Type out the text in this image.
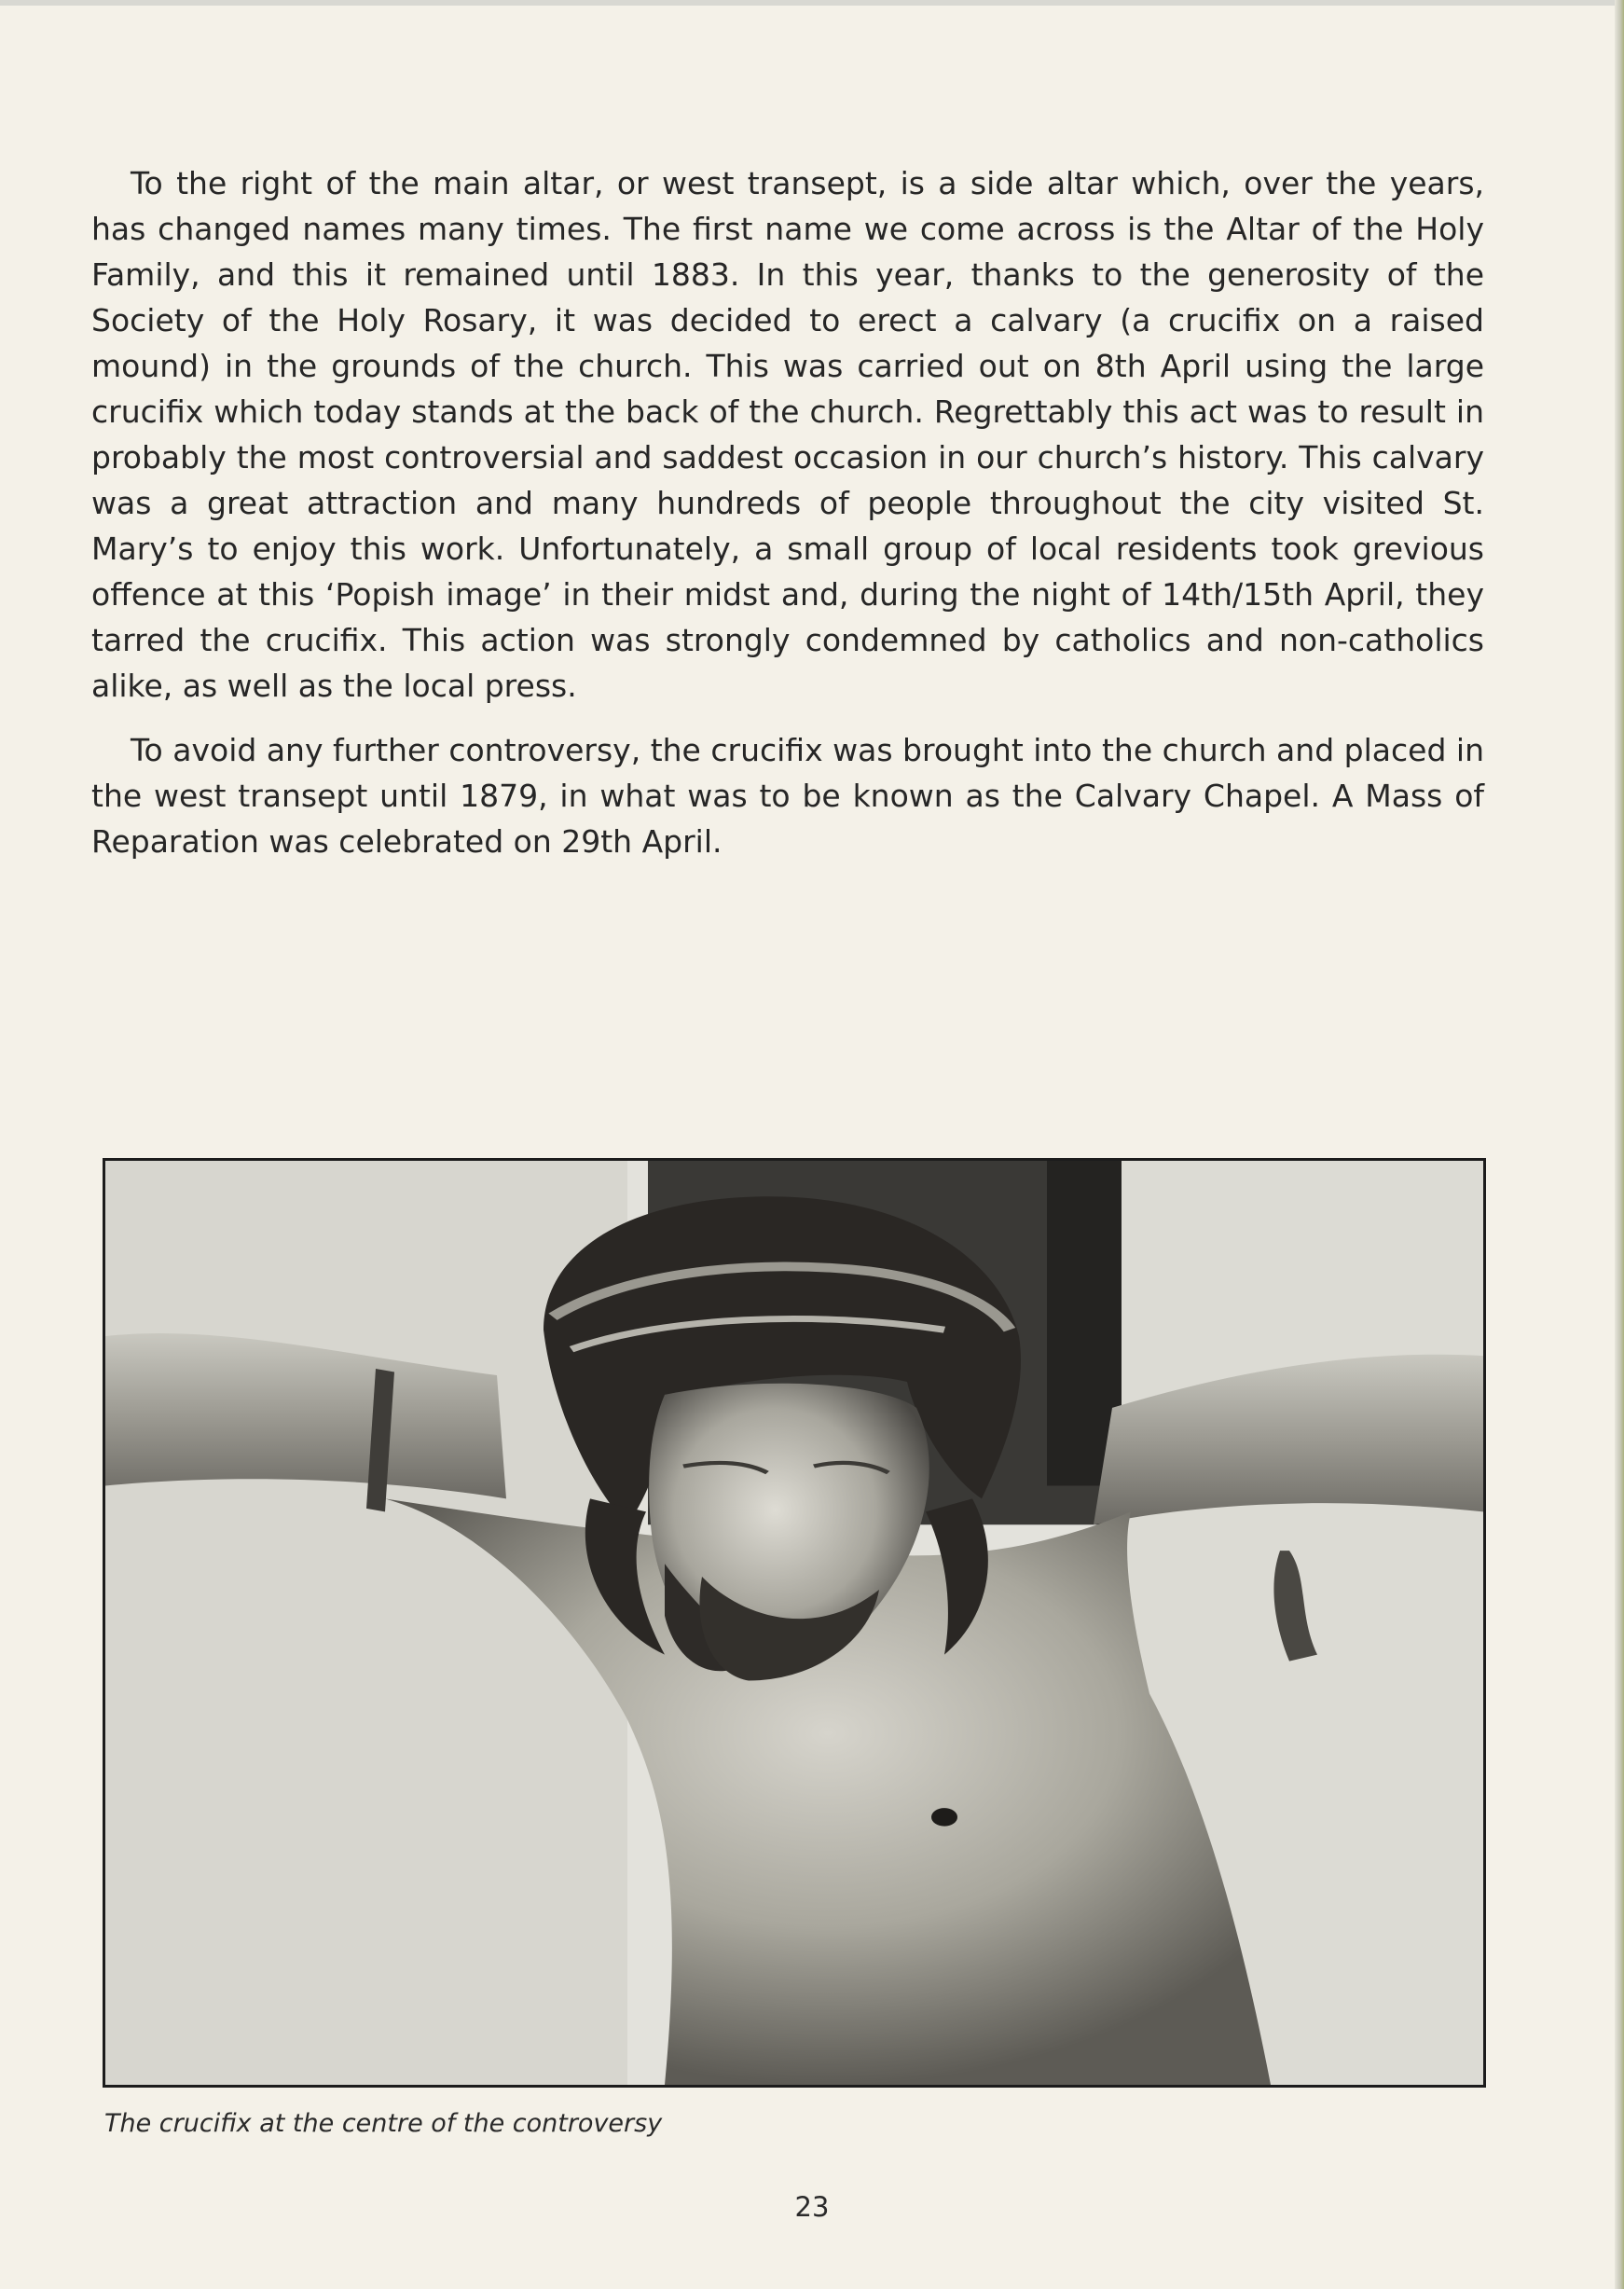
To the right of the main altar, or west transept, is a side altar which, over the years, has changed names many times. The first name we come across is the Altar of the Holy Family, and this it remained until 1883. In this year, thanks to the generosity of the Society of the Holy Rosary, it was decided to erect a calvary (a crucifix on a raised mound) in the grounds of the church. This was carried out on 8th April using the large crucifix which today stands at the back of the church. Regrettably this act was to result in probably the most controversial and saddest occasion in our church’s history. This calvary was a great attraction and many hundreds of people throughout the city visited St. Mary’s to enjoy this work. Unfortunately, a small group of local residents took grevious offence at this ‘Popish image’ in their midst and, during the night of 14th/15th April, they tarred the crucifix. This action was strongly condemned by catholics and non-catholics alike, as well as the local press.

To avoid any further controversy, the crucifix was brought into the church and placed in the west transept until 1879, in what was to be known as the Calvary Chapel. A Mass of Reparation was celebrated on 29th April.

The crucifix at the centre of the controversy
23
